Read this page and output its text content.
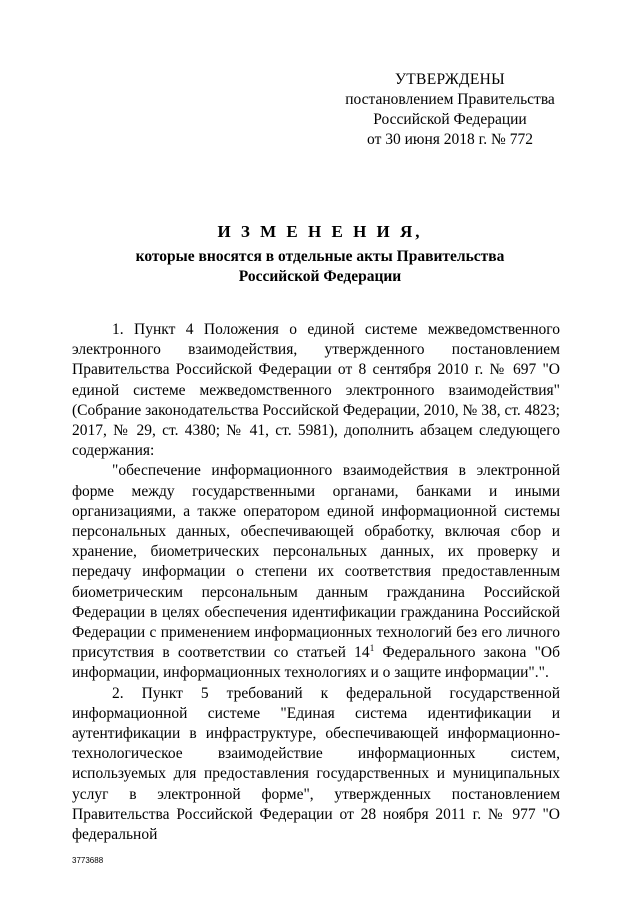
УТВЕРЖДЕНЫ
постановлением Правительства
Российской Федерации
от 30 июня 2018 г. № 772
И З М Е Н Е Н И Я,
которые вносятся в отдельные акты Правительства
Российской Федерации

1. Пункт 4 Положения о единой системе межведомственного электронного взаимодействия, утвержденного постановлением Правительства Российской Федерации от 8 сентября 2010 г. № 697 "О единой системе межведомственного электронного взаимодействия" (Собрание законодательства Российской Федерации, 2010, № 38, ст. 4823; 2017, № 29, ст. 4380; № 41, ст. 5981), дополнить абзацем следующего содержания:

"обеспечение информационного взаимодействия в электронной форме между государственными органами, банками и иными организациями, а также оператором единой информационной системы персональных данных, обеспечивающей обработку, включая сбор и хранение, биометрических персональных данных, их проверку и передачу информации о степени их соответствия предоставленным биометрическим персональным данным гражданина Российской Федерации в целях обеспечения идентификации гражданина Российской Федерации с применением информационных технологий без его личного присутствия в соответствии со статьей $14^1$ Федерального закона "Об информации, информационных технологиях и о защите информации".".

2. Пункт 5 требований к федеральной государственной информационной системе "Единая система идентификации и аутентификации в инфраструктуре, обеспечивающей информационно-технологическое взаимодействие информационных систем, используемых для предоставления государственных и муниципальных услуг в электронной форме", утвержденных постановлением Правительства Российской Федерации от 28 ноября 2011 г. № 977 "О федеральной

3773688
